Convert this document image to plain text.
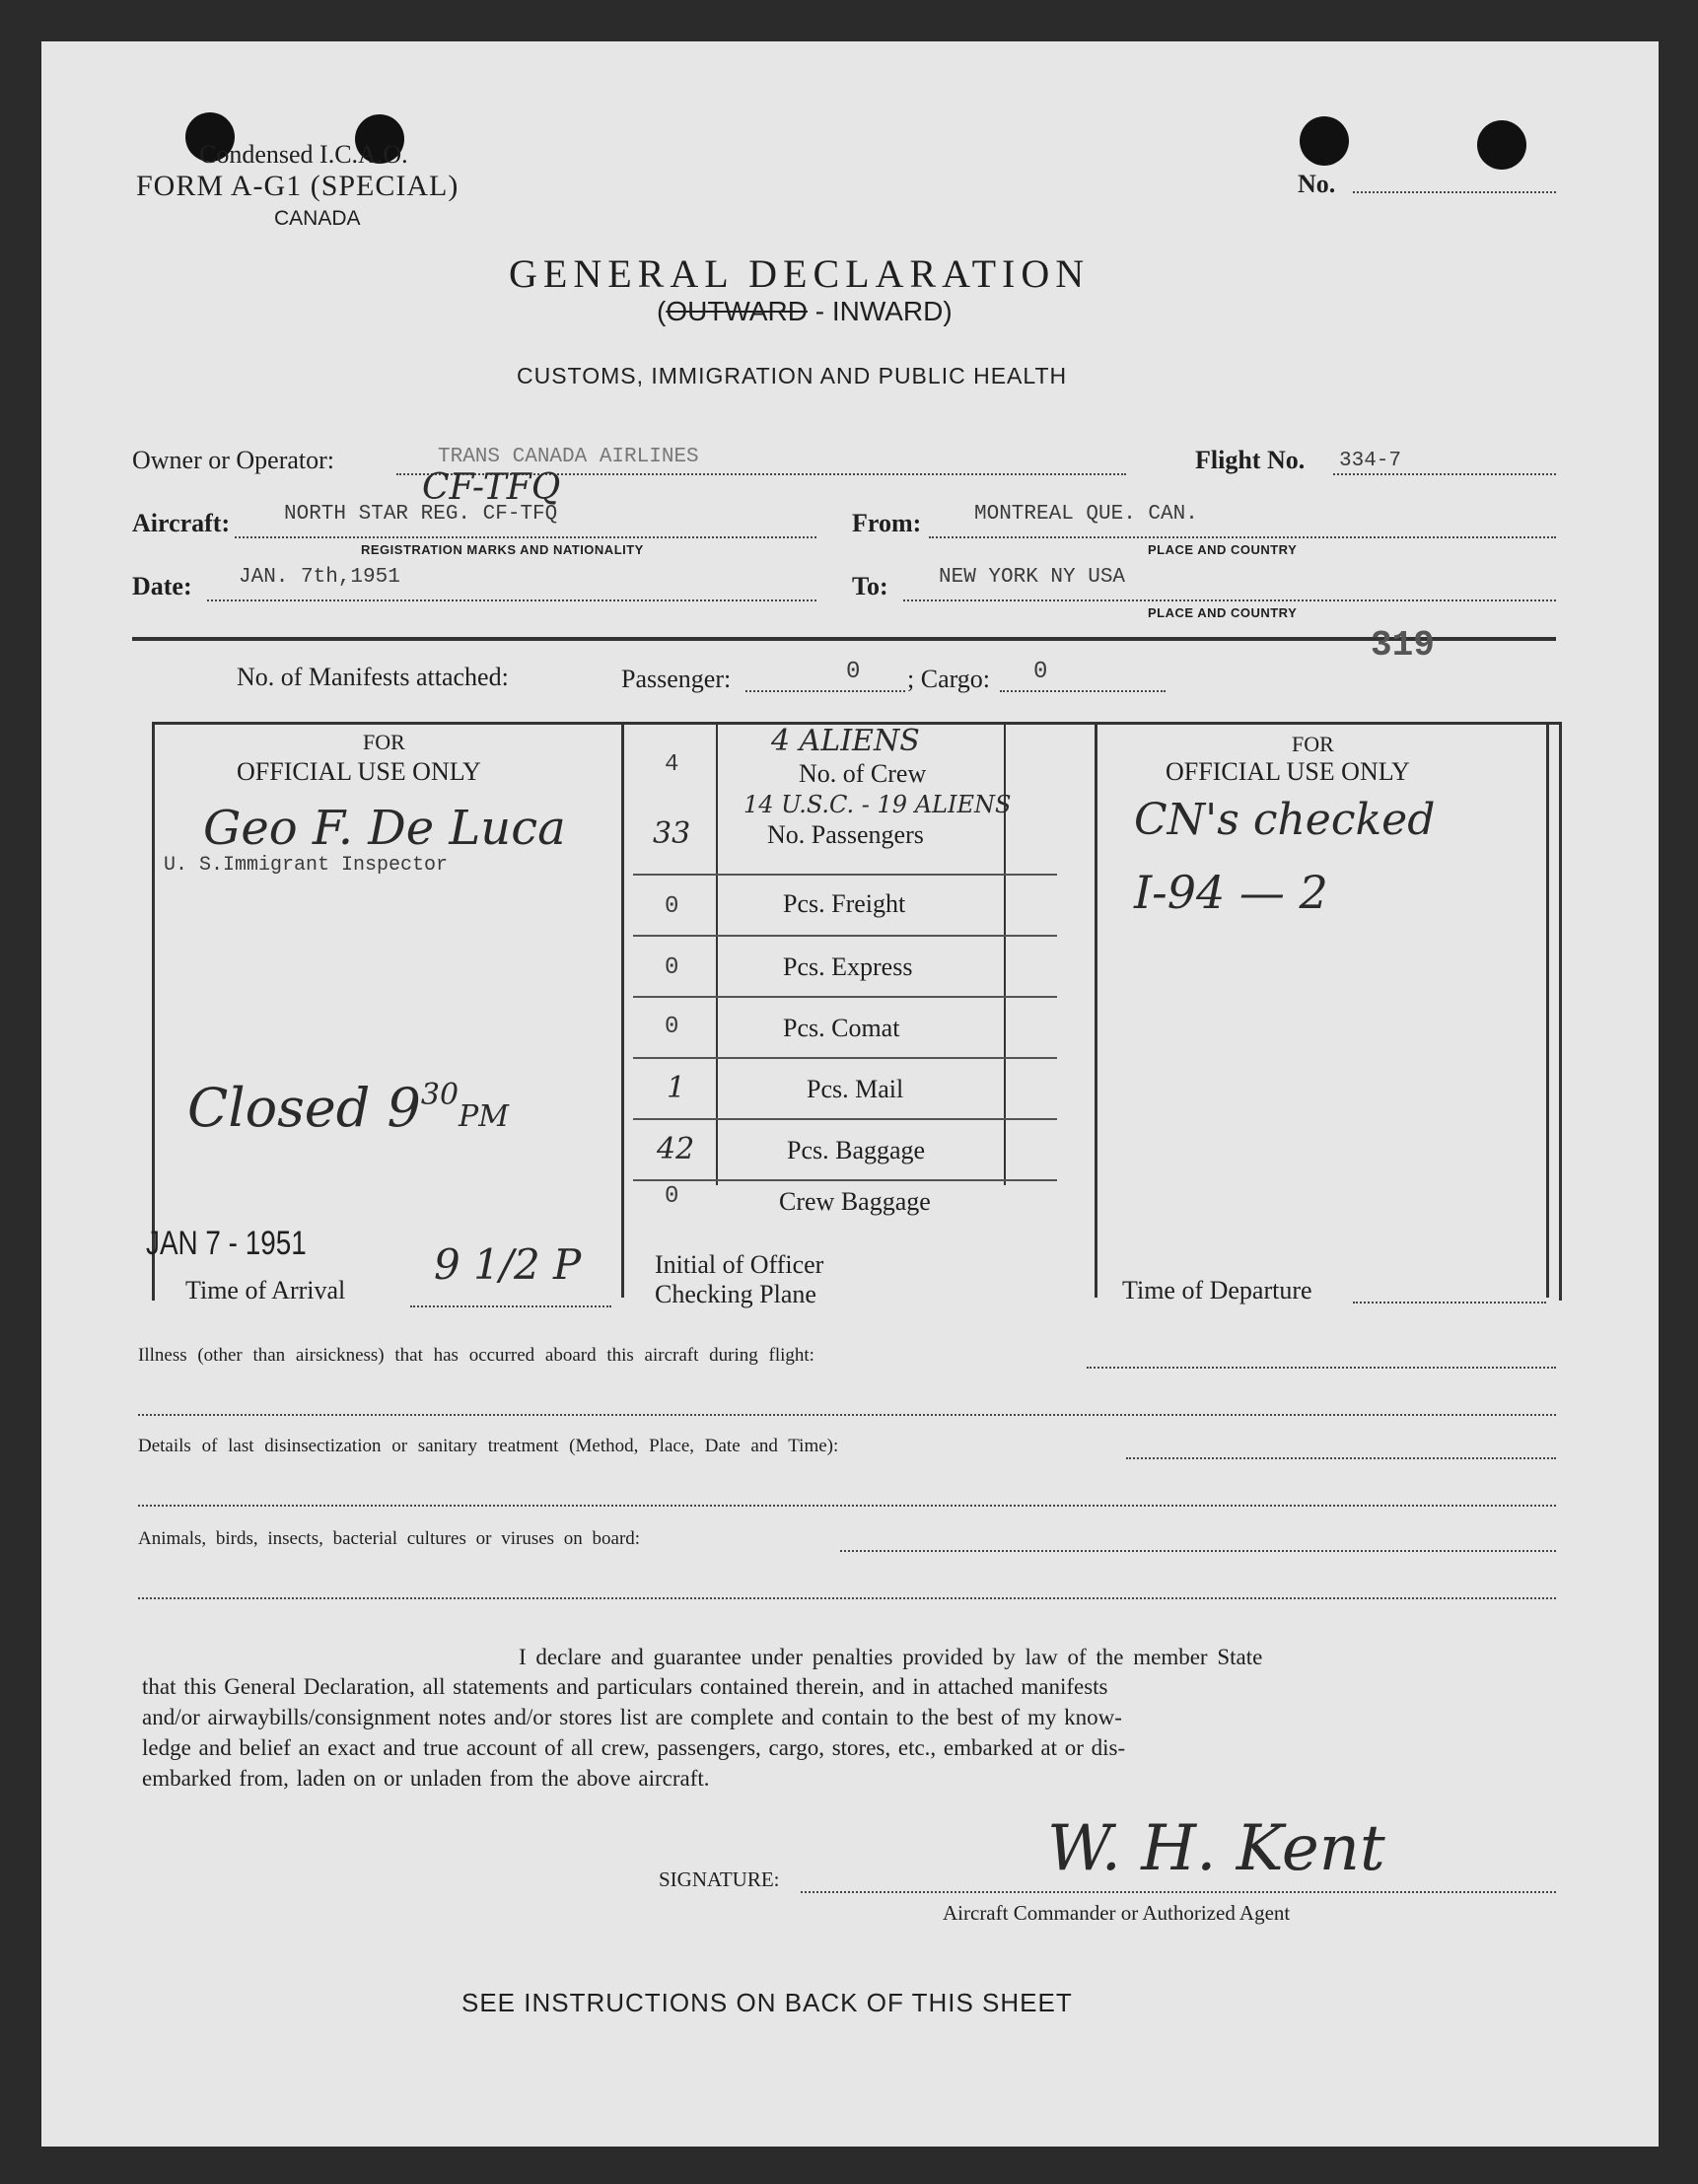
Condensed I.C.A.O.
FORM A-G1 (SPECIAL)
CANADA
No.
GENERAL DECLARATION
(OUTWARD - INWARD)
CUSTOMS, IMMIGRATION AND PUBLIC HEALTH
Owner or Operator:	TRANS CANADA AIRLINES	Flight No. 334-7
CF-TFQ
Aircraft:	NORTH STAR REG. CF-TFQ
REGISTRATION MARKS AND NATIONALITY
From:	MONTREAL QUE. CAN.
PLACE AND COUNTRY
Date: JAN. 7th,1951	To: NEW YORK NY USA
PLACE AND COUNTRY
319
No. of Manifests attached:	Passenger:	0 ; Cargo: 0
FOR
OFFICIAL USE ONLY
Geo F. De Luca
U. S.Immigrant Inspector
Closed $9^{30}PM$
JAN 7 - 1951
Time of Arrival
9 1/2 P
4	No. of Crew
4 ALIENS
33	No. Passengers
14 U.S.C. - 19 ALIENS
0	Pcs. Freight
0	Pcs. Express
0	Pcs. Comat
1	Pcs. Mail
42	Pcs. Baggage
0	Crew Baggage
Initial of Officer
Checking Plane
FOR
OFFICIAL USE ONLY
CN's checked
I-94 — 2
Time of Departure
Illness (other than airsickness) that has occurred aboard this aircraft during flight:
Details of last disinsectization or sanitary treatment (Method, Place, Date and Time):
Animals, birds, insects, bacterial cultures or viruses on board:
I declare and guarantee under penalties provided by law of the member State
that this General Declaration, all statements and particulars contained therein, and in attached manifests
and/or airwaybills/consignment notes and/or stores list are complete and contain to the best of my know-
ledge and belief an exact and true account of all crew, passengers, cargo, stores, etc., embarked at or dis-
embarked from, laden on or unladen from the above aircraft.
W. H. Kent
SIGNATURE:
Aircraft Commander or Authorized Agent
SEE INSTRUCTIONS ON BACK OF THIS SHEET
